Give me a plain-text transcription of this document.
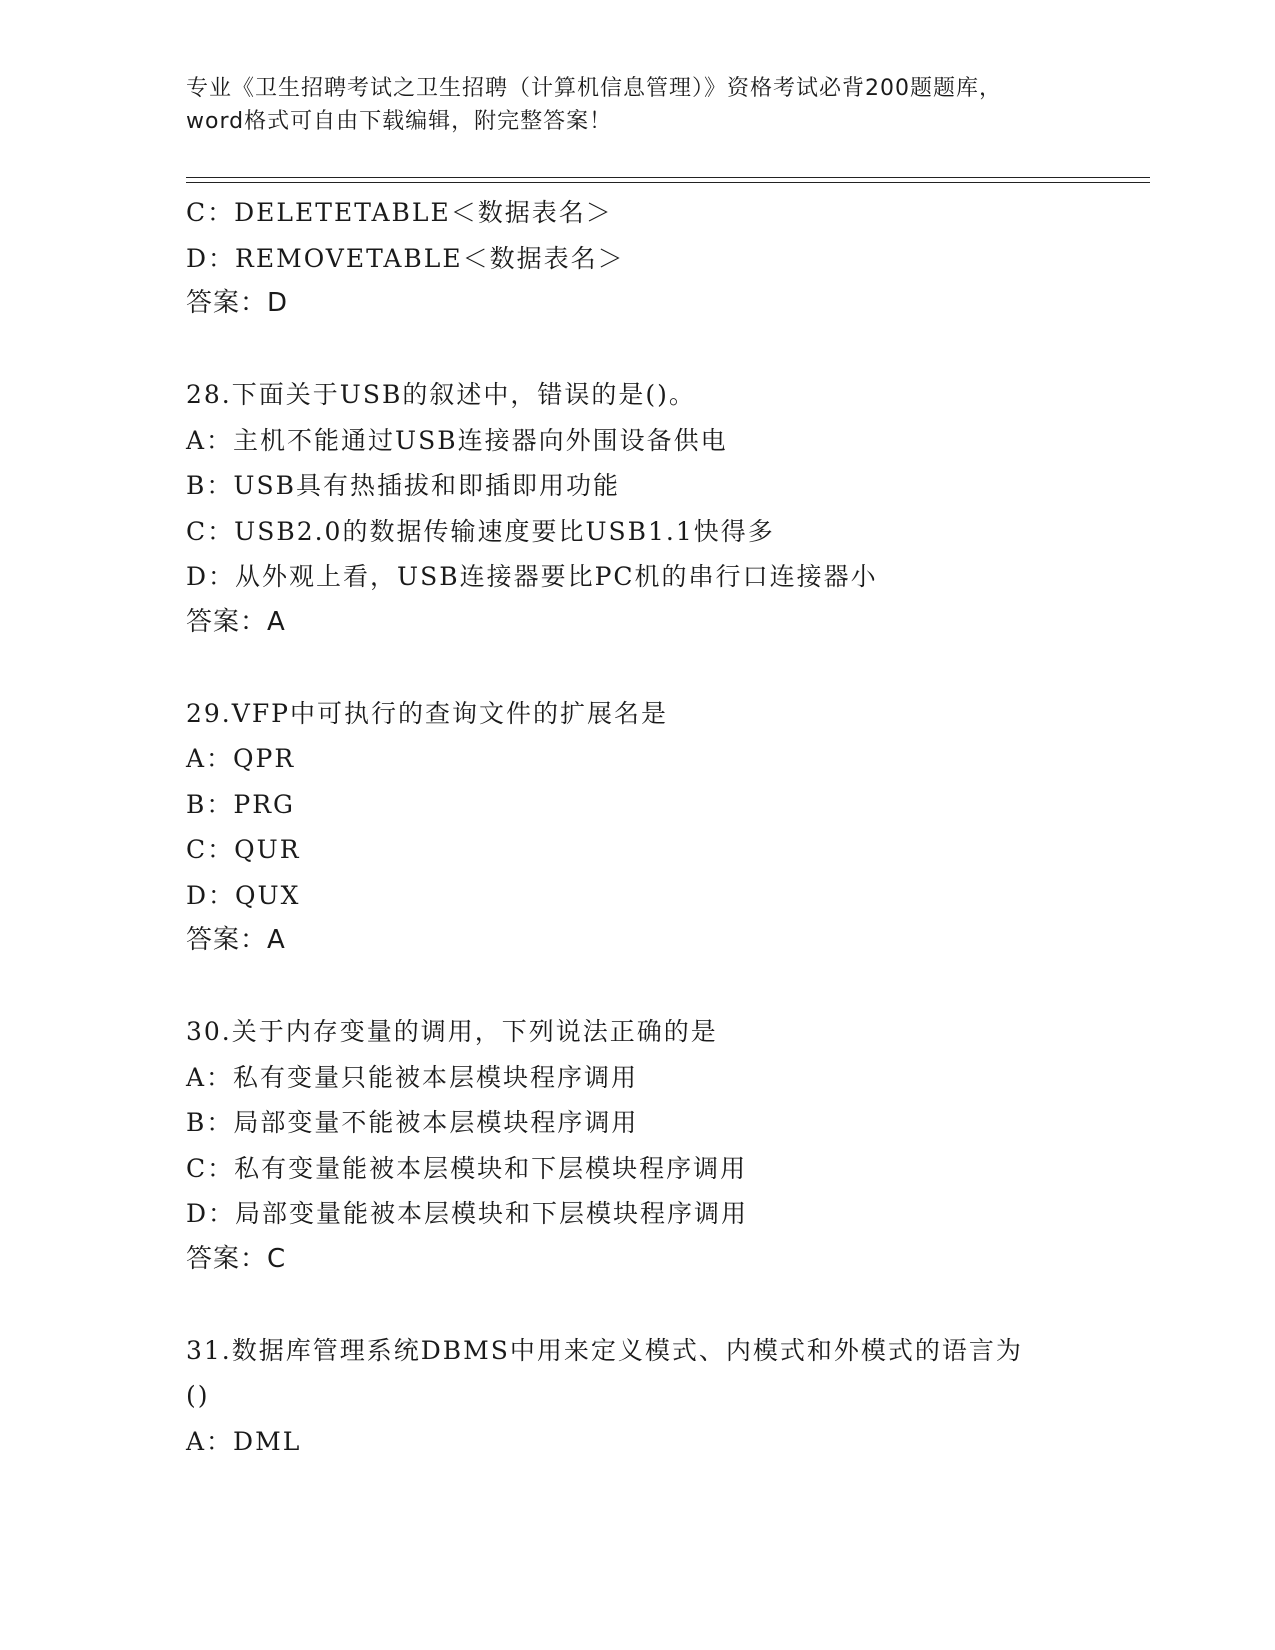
专业《卫生招聘考试之卫生招聘（计算机信息管理）》资格考试必背200题题库，
word格式可自由下载编辑，附完整答案！
C：DELETETABLE＜数据表名＞
D：REMOVETABLE＜数据表名＞
答案：D
28.下面关于USB的叙述中，错误的是()。
A：主机不能通过USB连接器向外围设备供电
B：USB具有热插拔和即插即用功能
C：USB2.0的数据传输速度要比USB1.1快得多
D：从外观上看，USB连接器要比PC机的串行口连接器小
答案：A
29.VFP中可执行的查询文件的扩展名是
A：QPR
B：PRG
C：QUR
D：QUX
答案：A
30.关于内存变量的调用，下列说法正确的是
A：私有变量只能被本层模块程序调用
B：局部变量不能被本层模块程序调用
C：私有变量能被本层模块和下层模块程序调用
D：局部变量能被本层模块和下层模块程序调用
答案：C
31.数据库管理系统DBMS中用来定义模式、内模式和外模式的语言为
()
A：DML
